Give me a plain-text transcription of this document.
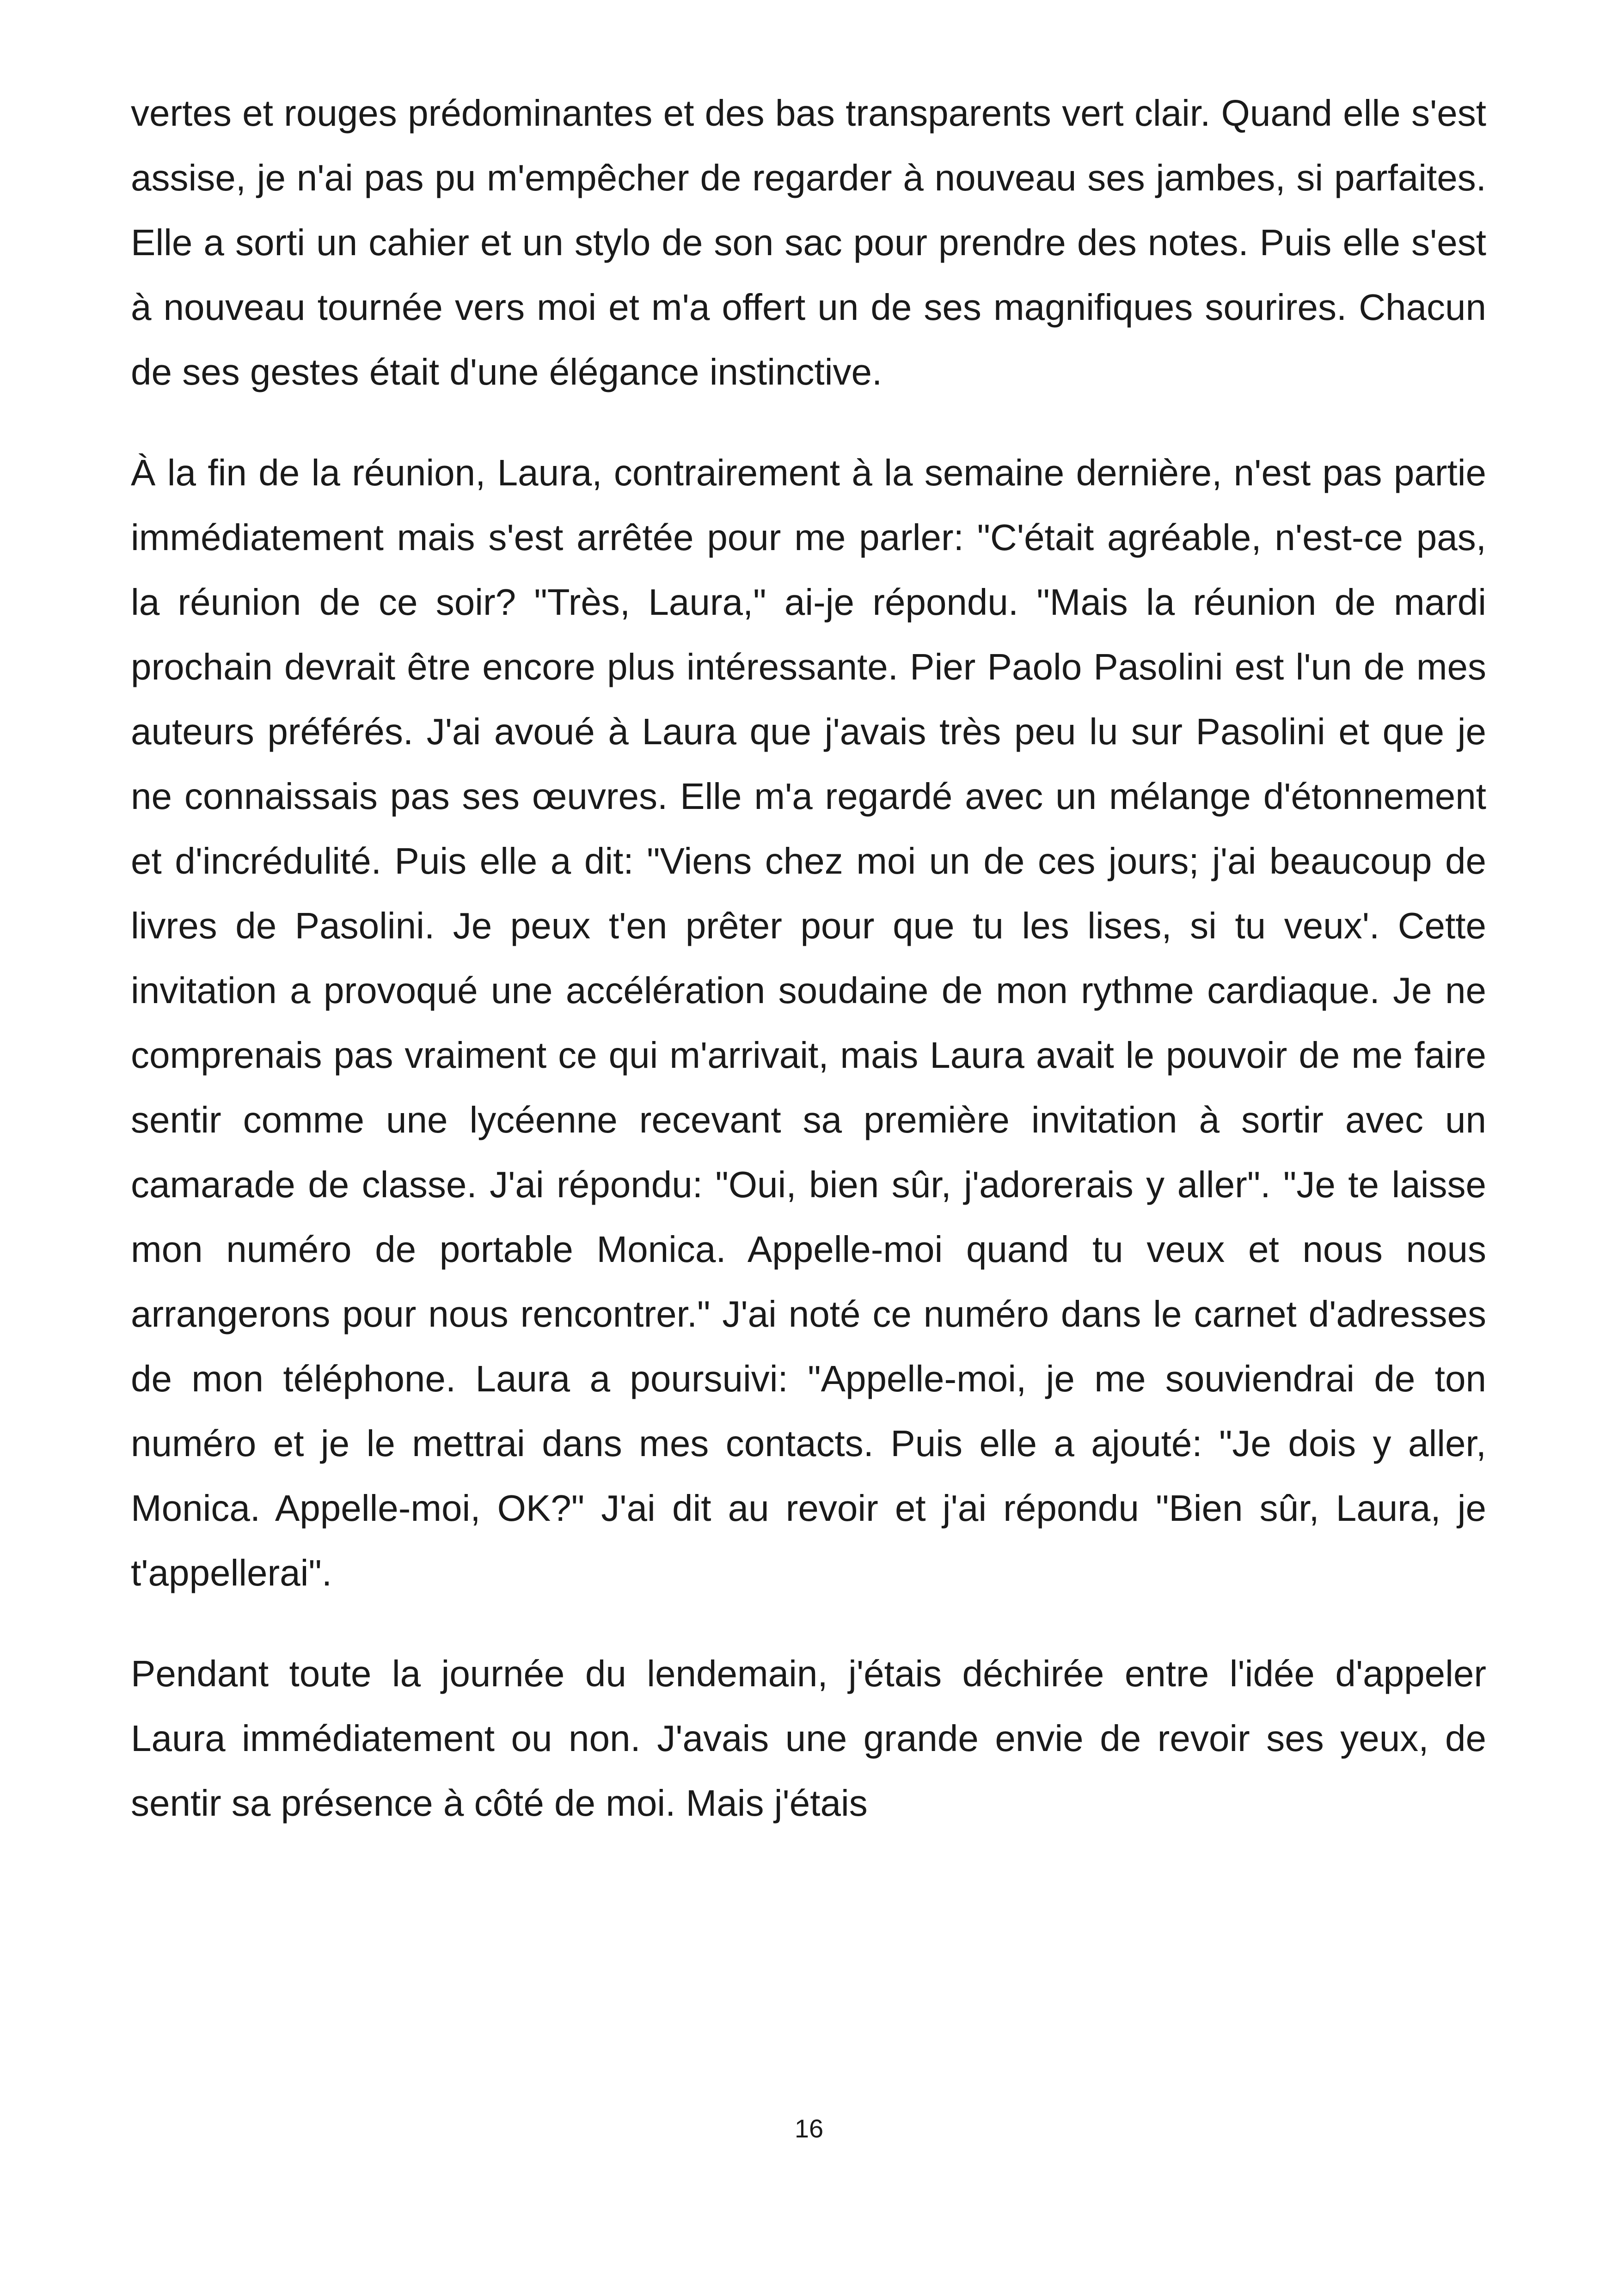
vertes et rouges prédominantes et des bas transparents vert clair. Quand elle s'est assise, je n'ai pas pu m'empêcher de regarder à nouveau ses jambes, si parfaites. Elle a sorti un cahier et un stylo de son sac pour prendre des notes. Puis elle s'est à nouveau tournée vers moi et m'a offert un de ses magnifiques sourires. Chacun de ses gestes était d'une élégance instinctive.

À la fin de la réunion, Laura, contrairement à la semaine dernière, n'est pas partie immédiatement mais s'est arrêtée pour me parler: "C'était agréable, n'est-ce pas, la réunion de ce soir? "Très, Laura," ai-je répondu. "Mais la réunion de mardi prochain devrait être encore plus intéressante. Pier Paolo Pasolini est l'un de mes auteurs préférés. J'ai avoué à Laura que j'avais très peu lu sur Pasolini et que je ne connaissais pas ses œuvres. Elle m'a regardé avec un mélange d'étonnement et d'incrédulité. Puis elle a dit: "Viens chez moi un de ces jours; j'ai beaucoup de livres de Pasolini. Je peux t'en prêter pour que tu les lises, si tu veux'. Cette invitation a provoqué une accélération soudaine de mon rythme cardiaque. Je ne comprenais pas vraiment ce qui m'arrivait, mais Laura avait le pouvoir de me faire sentir comme une lycéenne recevant sa première invitation à sortir avec un camarade de classe. J'ai répondu: "Oui, bien sûr, j'adorerais y aller". "Je te laisse mon numéro de portable Monica. Appelle-moi quand tu veux et nous nous arrangerons pour nous rencontrer." J'ai noté ce numéro dans le carnet d'adresses de mon téléphone. Laura a poursuivi: "Appelle-moi, je me souviendrai de ton numéro et je le mettrai dans mes contacts. Puis elle a ajouté: "Je dois y aller, Monica. Appelle-moi, OK?" J'ai dit au revoir et j'ai répondu "Bien sûr, Laura, je t'appellerai".

Pendant toute la journée du lendemain, j'étais déchirée entre l'idée d'appeler Laura immédiatement ou non. J'avais une grande envie de revoir ses yeux, de sentir sa présence à côté de moi. Mais j'étais

16
